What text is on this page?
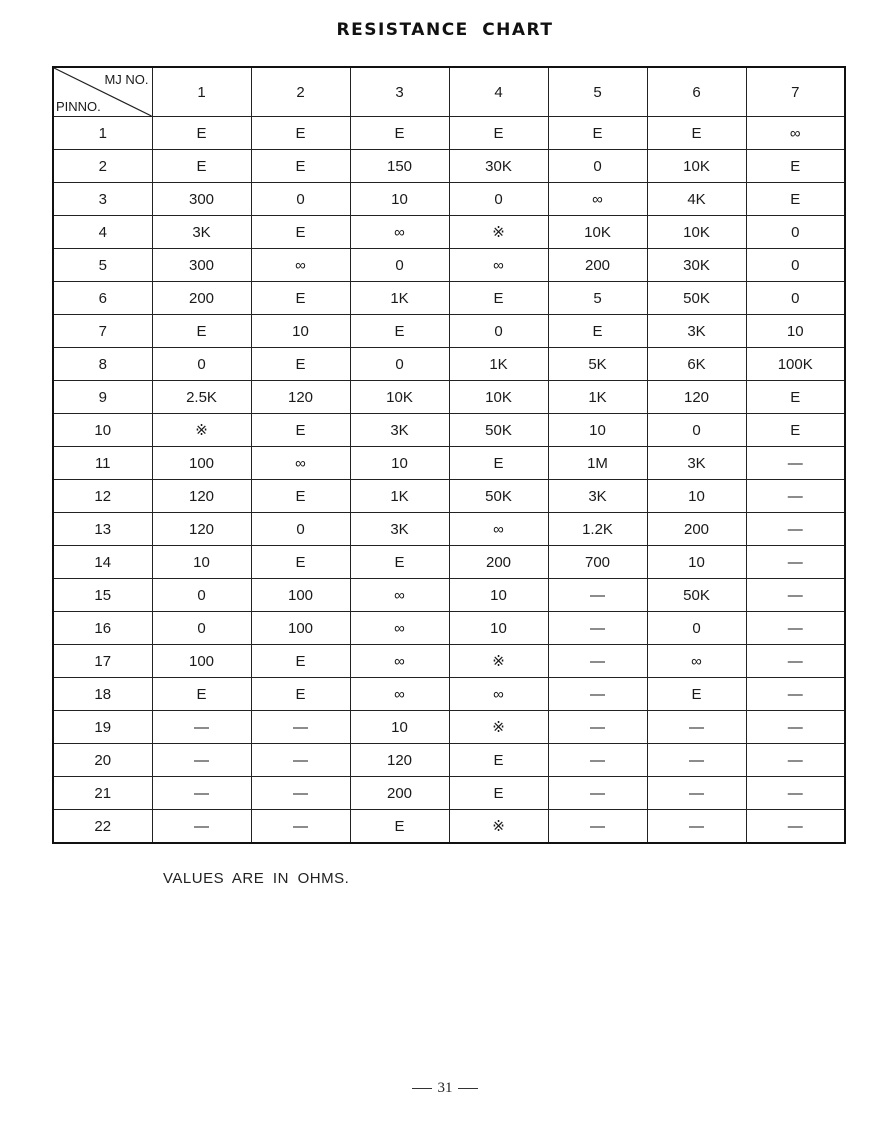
RESISTANCE CHART
MJ NO.
PINNO.	1	2	3	4	5	6	7
1	E	E	E	E	E	E	∞
2	E	E	150	30K	0	10K	E
3	300	0	10	0	∞	4K	E
4	3K	E	∞	※	10K	10K	0
5	300	∞	0	∞	200	30K	0
6	200	E	1K	E	5	50K	0
7	E	10	E	0	E	3K	10
8	0	E	0	1K	5K	6K	100K
9	2.5K	120	10K	10K	1K	120	E
10	※	E	3K	50K	10	0	E
11	100	∞	10	E	1M	3K	—
12	120	E	1K	50K	3K	10	—
13	120	0	3K	∞	1.2K	200	—
14	10	E	E	200	700	10	—
15	0	100	∞	10	—	50K	—
16	0	100	∞	10	—	0	—
17	100	E	∞	※	—	∞	—
18	E	E	∞	∞	—	E	—
19	—	—	10	※	—	—	—
20	—	—	120	E	—	—	—
21	—	—	200	E	—	—	—
22	—	—	E	※	—	—	—
VALUES ARE IN OHMS.
31
